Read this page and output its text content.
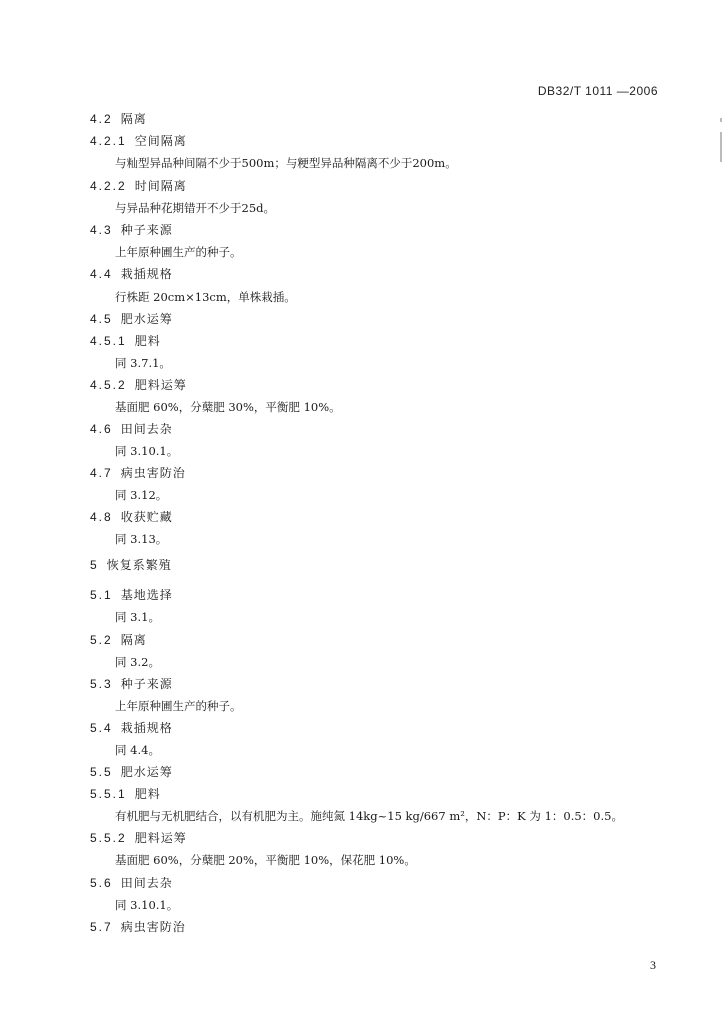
DB32/T 1011 —2006
4.2 隔离
4.2.1 空间隔离
与籼型异品种间隔不少于500m；与粳型异品种隔离不少于200m。
4.2.2 时间隔离
与异品种花期错开不少于25d。
4.3 种子来源
上年原种圃生产的种子。
4.4 栽插规格
行株距 20cm×13cm，单株栽插。
4.5 肥水运筹
4.5.1 肥料
同 3.7.1。
4.5.2 肥料运筹
基面肥 60%，分蘖肥 30%，平衡肥 10%。
4.6 田间去杂
同 3.10.1。
4.7 病虫害防治
同 3.12。
4.8 收获贮藏
同 3.13。
5 恢复系繁殖
5.1 基地选择
同 3.1。
5.2 隔离
同 3.2。
5.3 种子来源
上年原种圃生产的种子。
5.4 栽插规格
同 4.4。
5.5 肥水运筹
5.5.1 肥料
有机肥与无机肥结合，以有机肥为主。施纯氮 14kg~15 kg/667 m²，N：P：K 为 1：0.5：0.5。
5.5.2 肥料运筹
基面肥 60%，分蘖肥 20%，平衡肥 10%，保花肥 10%。
5.6 田间去杂
同 3.10.1。
5.7 病虫害防治
3
